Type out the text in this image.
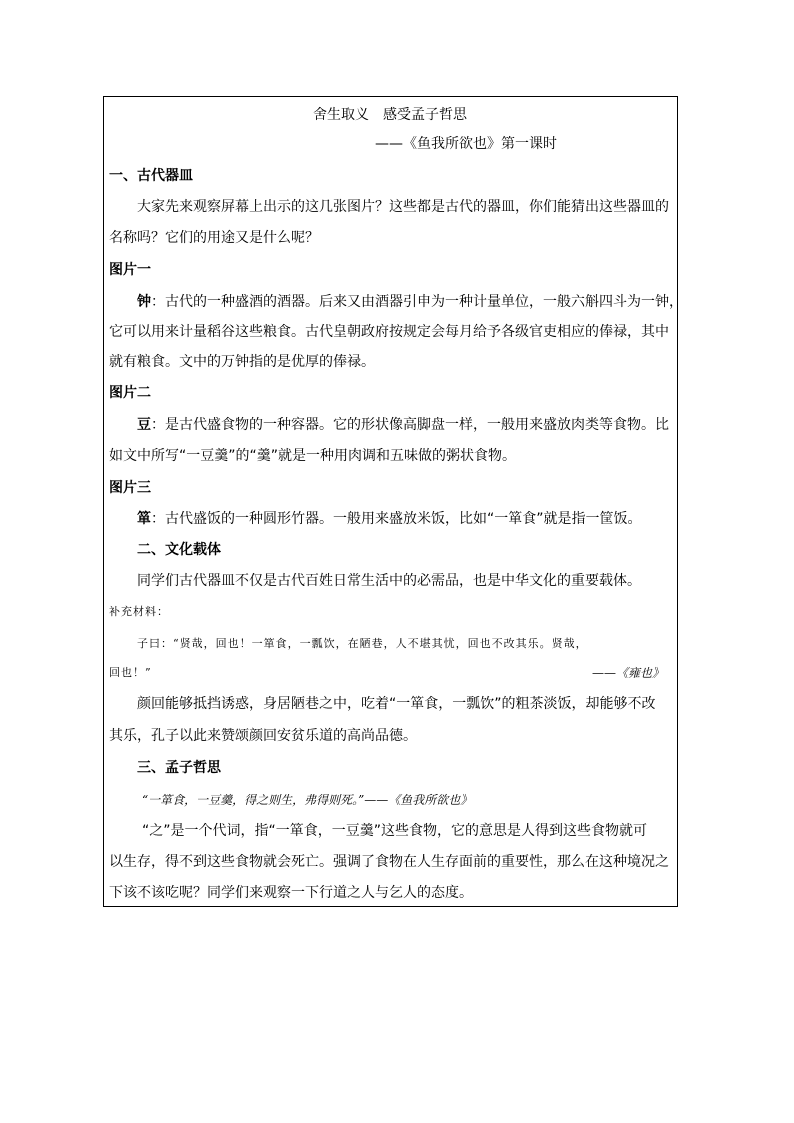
舍生取义　感受孟子哲思
——《鱼我所欲也》第一课时
一、古代器皿
大家先来观察屏幕上出示的这几张图片？这些都是古代的器皿，你们能猜出这些器皿的
名称吗？它们的用途又是什么呢？
图片一
钟：古代的一种盛酒的酒器。后来又由酒器引申为一种计量单位，一般六斛四斗为一钟，
它可以用来计量稻谷这些粮食。古代皇朝政府按规定会每月给予各级官吏相应的俸禄，其中
就有粮食。文中的万钟指的是优厚的俸禄。
图片二
豆：是古代盛食物的一种容器。它的形状像高脚盘一样，一般用来盛放肉类等食物。比
如文中所写“一豆羹”的“羹”就是一种用肉调和五味做的粥状食物。
图片三
箪：古代盛饭的一种圆形竹器。一般用来盛放米饭，比如“一箪食”就是指一筐饭。
二、文化载体
同学们古代器皿不仅是古代百姓日常生活中的必需品，也是中华文化的重要载体。
补充材料：
子曰：“贤哉，回也！一箪食，一瓢饮，在陋巷，人不堪其忧，回也不改其乐。贤哉，
回也！”	——《雍也》
颜回能够抵挡诱惑，身居陋巷之中，吃着“一箪食，一瓢饮”的粗茶淡饭，却能够不改
其乐，孔子以此来赞颂颜回安贫乐道的高尚品德。
三、孟子哲思
“一箪食，一豆羹，得之则生，弗得则死。”——《鱼我所欲也》
“之”是一个代词，指“一箪食，一豆羹”这些食物，它的意思是人得到这些食物就可
以生存，得不到这些食物就会死亡。强调了食物在人生存面前的重要性，那么在这种境况之
下该不该吃呢？同学们来观察一下行道之人与乞人的态度。
